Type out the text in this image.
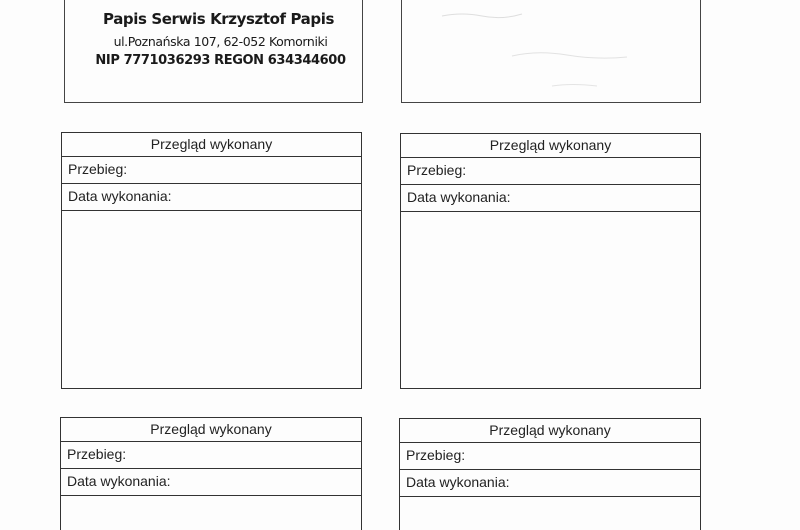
Papis Serwis Krzysztof Papis
ul.Poznańska 107, 62-052 Komorniki
NIP 7771036293 REGON 634344600
Przegląd wykonany
Przebieg:
Data wykonania:
Przegląd wykonany
Przebieg:
Data wykonania:
Przegląd wykonany
Przebieg:
Data wykonania:
Przegląd wykonany
Przebieg:
Data wykonania:
